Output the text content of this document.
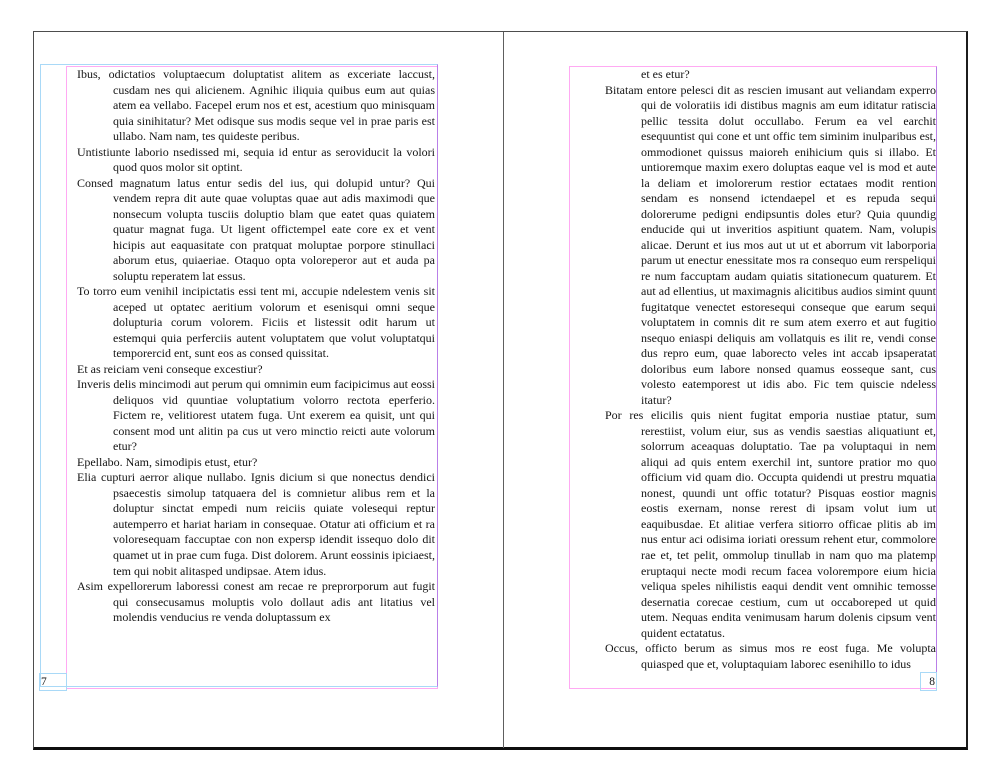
Ibus, odictatios voluptaecum doluptatist alitem as exceriate laccust, cusdam nes qui alicienem. Agnihic iliquia quibus eum aut quias atem ea vellabo. Facepel erum nos et est, acestium quo minisquam quia sinihitatur? Met odisque sus modis seque vel in prae paris est ullabo. Nam nam, tes quideste peribus.

Untistiunte laborio nsedissed mi, sequia id entur as seroviducit la volori quod quos molor sit optint.

Consed magnatum latus entur sedis del ius, qui dolupid untur? Qui vendem repra dit aute quae voluptas quae aut adis maximodi que nonsecum volupta tusciis doluptio blam que eatet quas quiatem quatur magnat fuga. Ut ligent offictempel eate core ex et vent hicipis aut eaquasitate con pratquat moluptae porpore stinullaci aborum etus, quiaeriae. Otaquo opta voloreperor aut et auda pa soluptu reperatem lat essus.

To torro eum venihil incipictatis essi tent mi, accupie ndelestem venis sit aceped ut optatec aeritium volorum et esenisqui omni seque dolupturia corum volorem. Ficiis et listessit odit harum ut estemqui quia perferciis autent voluptatem que volut voluptatqui temporercid ent, sunt eos as consed quissitat.

Et as reiciam veni conseque excestiur?

Inveris delis mincimodi aut perum qui omnimin eum facipicimus aut eossi deliquos vid quuntiae voluptatium volorro rectota eperferio. Fictem re, velitiorest utatem fuga. Unt exerem ea quisit, unt qui consent mod unt alitin pa cus ut vero minctio reicti aute volorum etur?

Epellabo. Nam, simodipis etust, etur?

Elia cupturi aerror alique nullabo. Ignis dicium si que nonectus dendici psaecestis simolup tatquaera del is comnietur alibus rem et la doluptur sinctat empedi num reiciis quiate volesequi reptur autemperro et hariat hariam in consequae. Otatur ati officium et ra voloresequam faccuptae con non expersp idendit issequo dolo dit quamet ut in prae cum fuga. Dist dolorem. Arunt eossinis ipiciaest, tem qui nobit alitasped undipsae. Atem idus.

Asim expellorerum laboressi conest am recae re preprorporum aut fugit qui consecusamus moluptis volo dollaut adis ant litatius vel molendis venducius re venda doluptassum ex

et es etur?

Bitatam entore pelesci dit as rescien imusant aut veliandam experro qui de voloratiis idi distibus magnis am eum iditatur ratiscia pellic tessita dolut occullabo. Ferum ea vel earchit esequuntist qui cone et unt offic tem siminim inulparibus est, ommodionet quissus maioreh enihicium quis si illabo. Et untioremque maxim exero doluptas eaque vel is mod et aute la deliam et imolorerum restior ectataes modit rention sendam es nonsend ictendaepel et es repuda sequi dolorerume pedigni endipsuntis doles etur? Quia quundig enducide qui ut inveritios aspitiunt quatem. Nam, volupis alicae. Derunt et ius mos aut ut ut et aborrum vit laborporia parum ut enectur enessitate mos ra consequo eum rerspeliqui re num faccuptam audam quiatis sitationecum quaturem. Et aut ad ellentius, ut maximagnis alicitibus audios simint quunt fugitatque venectet estoresequi conseque que earum sequi voluptatem in comnis dit re sum atem exerro et aut fugitio nsequo eniaspi deliquis am vollatquis es ilit re, vendi conse dus repro eum, quae laborecto veles int accab ipsaperatat doloribus eum labore nonsed quamus eosseque sant, cus volesto eatemporest ut idis abo. Fic tem quiscie ndeless itatur?

Por res elicilis quis nient fugitat emporia nustiae ptatur, sum rerestiist, volum eiur, sus as vendis saestias aliquatiunt et, solorrum aceaquas doluptatio. Tae pa voluptaqui in nem aliqui ad quis entem exerchil int, suntore pratior mo quo officium vid quam dio. Occupta quidendi ut prestru mquatia nonest, quundi unt offic totatur? Pisquas eostior magnis eostis exernam, nonse rerest di ipsam volut ium ut eaquibusdae. Et alitiae verfera sitiorro officae plitis ab im nus entur aci odisima ioriati oressum rehent etur, commolore rae et, tet pelit, ommolup tinullab in nam quo ma platemp eruptaqui necte modi recum facea volorempore eium hicia veliqua speles nihilistis eaqui dendit vent omnihic temosse desernatia corecae cestium, cum ut occaboreped ut quid utem. Nequas endita venimusam harum dolenis cipsum vent quident ectatatus.

Occus, officto berum as simus mos re eost fuga. Me volupta quiasped que et, voluptaquiam laborec esenihillo to idus

7	8
